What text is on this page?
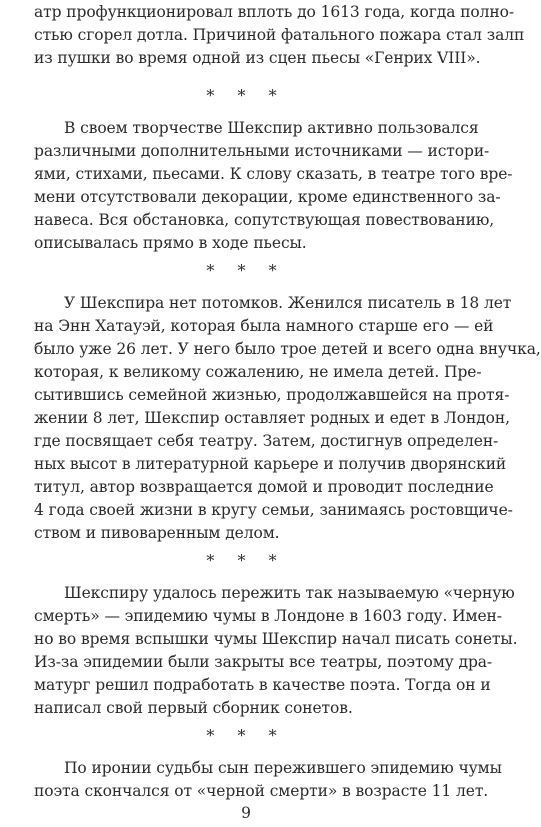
атр профункционировал вплоть до 1613 года, когда полно-
стью сгорел дотла. Причиной фатального пожара стал залп
из пушки во время одной из сцен пьесы «Генрих VIII».
* * *
В своем творчестве Шекспир активно пользовался
различными дополнительными источниками — истори-
ями, стихами, пьесами. К слову сказать, в театре того вре-
мени отсутствовали декорации, кроме единственного за-
навеса. Вся обстановка, сопутствующая повествованию,
описывалась прямо в ходе пьесы.
* * *
У Шекспира нет потомков. Женился писатель в 18 лет
на Энн Хатауэй, которая была намного старше его — ей
было уже 26 лет. У него было трое детей и всего одна внучка,
которая, к великому сожалению, не имела детей. Пре-
сытившись семейной жизнью, продолжавшейся на протя-
жении 8 лет, Шекспир оставляет родных и едет в Лондон,
где посвящает себя театру. Затем, достигнув определен-
ных высот в литературной карьере и получив дворянский
титул, автор возвращается домой и проводит последние
4 года своей жизни в кругу семьи, занимаясь ростовщиче-
ством и пивоваренным делом.
* * *
Шекспиру удалось пережить так называемую «черную
смерть» — эпидемию чумы в Лондоне в 1603 году. Имен-
но во время вспышки чумы Шекспир начал писать сонеты.
Из-за эпидемии были закрыты все театры, поэтому дра-
матург решил подработать в качестве поэта. Тогда он и
написал свой первый сборник сонетов.
* * *
По иронии судьбы сын пережившего эпидемию чумы
поэта скончался от «черной смерти» в возрасте 11 лет.
9
